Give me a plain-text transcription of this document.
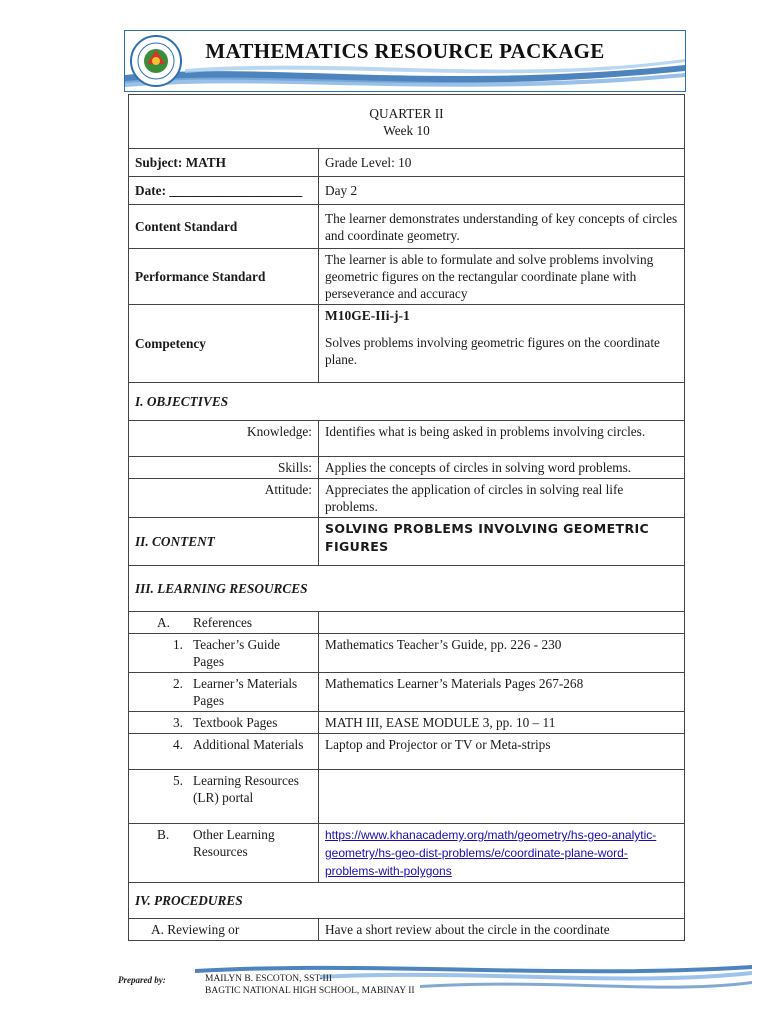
MATHEMATICS RESOURCE PACKAGE
QUARTER II
Week 10	

Subject: MATH	Grade Level: 10
Date: ____________________	Day 2
Content Standard	The learner demonstrates understanding of key concepts of circles and coordinate geometry.
Performance Standard	The learner is able to formulate and solve problems involving geometric figures on the rectangular coordinate plane with perseverance and accuracy
Competency	M10GE-IIi-j-1
Solves problems involving geometric figures on the coordinate plane.
I. OBJECTIVES	
Knowledge:	Identifies what is being asked in problems involving circles.
Skills:	Applies the concepts of circles in solving word problems.
Attitude:	Appreciates the application of circles in solving real life problems.
II. CONTENT	SOLVING PROBLEMS INVOLVING GEOMETRIC FIGURES
III. LEARNING RESOURCES	

A. References	

1. Teacher’s Guide Pages	Mathematics Teacher’s Guide, pp. 226 - 230

2. Learner’s Materials Pages	Mathematics Learner’s Materials Pages 267-268

3. Textbook Pages	MATH III, EASE MODULE 3, pp. 10 – 11

4. Additional Materials	Laptop and Projector or TV or Meta-strips

5. Learning Resources (LR) portal	

B. Other Learning Resources	https://www.khanacademy.org/math/geometry/hs-geo-analytic-geometry/hs-geo-dist-problems/e/coordinate-plane-word-problems-with-polygons
IV. PROCEDURES	
A. Reviewing or	Have a short review about the circle in the coordinate
Prepared by:	MAILYN B. ESCOTON, SST-III
BAGTIC NATIONAL HIGH SCHOOL, MABINAY II
